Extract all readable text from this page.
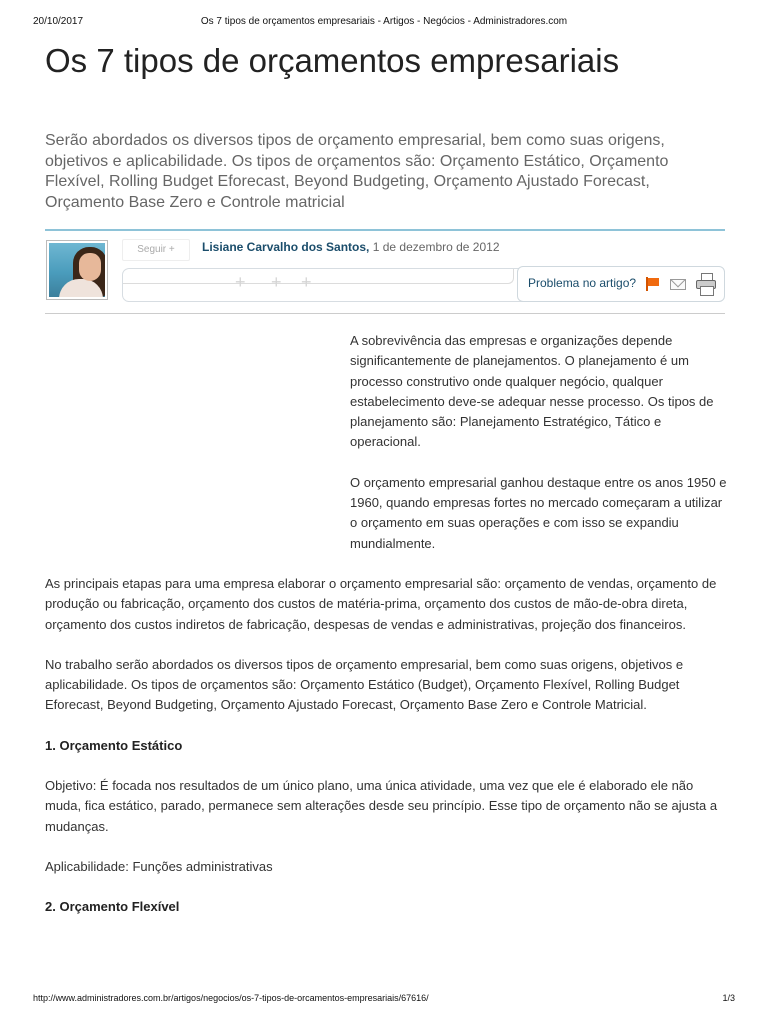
20/10/2017	Os 7 tipos de orçamentos empresariais - Artigos - Negócios - Administradores.com
Os 7 tipos de orçamentos empresariais

Serão abordados os diversos tipos de orçamento empresarial, bem como suas origens, objetivos e aplicabilidade. Os tipos de orçamentos são: Orçamento Estático, Orçamento Flexível, Rolling Budget Eforecast, Beyond Budgeting, Orçamento Ajustado Forecast, Orçamento Base Zero e Controle matricial

Seguir +	Lisiane Carvalho dos Santos, 1 de dezembro de 2012
+ + +	Problema no artigo?

A sobrevivência das empresas e organizações depende significantemente de planejamentos. O planejamento é um processo construtivo onde qualquer negócio, qualquer estabelecimento deve-se adequar nesse processo. Os tipos de planejamento são: Planejamento Estratégico, Tático e operacional.

O orçamento empresarial ganhou destaque entre os anos 1950 e 1960, quando empresas fortes no mercado começaram a utilizar o orçamento em suas operações e com isso se expandiu mundialmente.

As principais etapas para uma empresa elaborar o orçamento empresarial são: orçamento de vendas, orçamento de produção ou fabricação, orçamento dos custos de matéria-prima, orçamento dos custos de mão-de-obra direta, orçamento dos custos indiretos de fabricação, despesas de vendas e administrativas, projeção dos financeiros.

No trabalho serão abordados os diversos tipos de orçamento empresarial, bem como suas origens, objetivos e aplicabilidade. Os tipos de orçamentos são: Orçamento Estático (Budget), Orçamento Flexível, Rolling Budget Eforecast, Beyond Budgeting, Orçamento Ajustado Forecast, Orçamento Base Zero e Controle Matricial.

1. Orçamento Estático

Objetivo: É focada nos resultados de um único plano, uma única atividade, uma vez que ele é elaborado ele não muda, fica estático, parado, permanece sem alterações desde seu princípio. Esse tipo de orçamento não se ajusta a mudanças.

Aplicabilidade: Funções administrativas

2. Orçamento Flexível
http://www.administradores.com.br/artigos/negocios/os-7-tipos-de-orcamentos-empresariais/67616/	1/3
